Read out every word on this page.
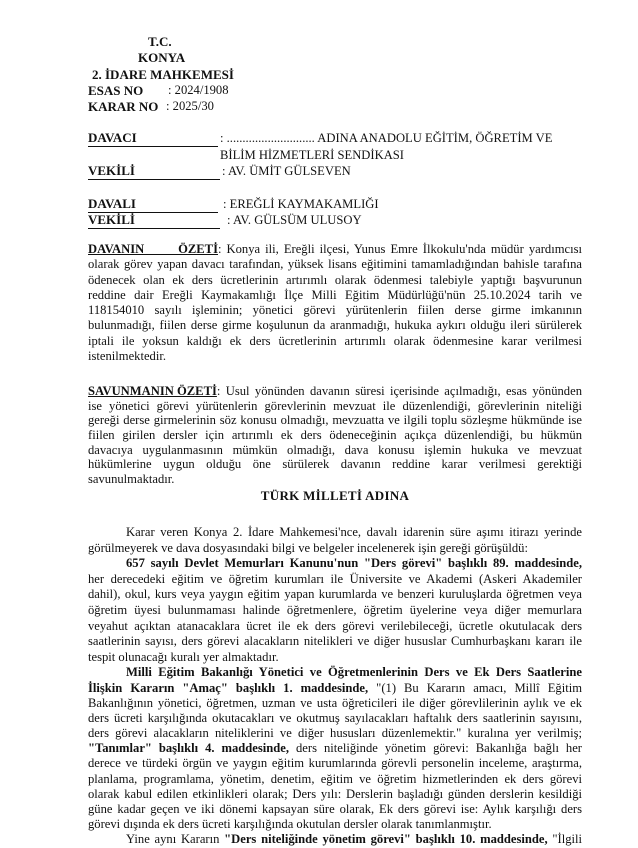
T.C.
KONYA
2. İDARE MAHKEMESİ
ESAS NO : 2024/1908
KARAR NO : 2025/30
DAVACI	: ............................ ADINA ANADOLU EĞİTİM, ÖĞRETİM VE
BİLİM HİZMETLERİ SENDİKASI
VEKİLİ	: AV. ÜMİT GÜLSEVEN
DAVALI	: EREĞLİ KAYMAKAMLIĞI
VEKİLİ	: AV. GÜLSÜM ULUSOY
DAVANIN ÖZETİ : Konya ili, Ereğli ilçesi, Yunus Emre İlkokulu'nda müdür yardımcısı
olarak görev yapan davacı tarafından, yüksek lisans eğitimini tamamladığından bahisle tarafına
ödenecek olan ek ders ücretlerinin artırımlı olarak ödenmesi talebiyle yaptığı başvurunun
reddine dair Ereğli Kaymakamlığı İlçe Milli Eğitim Müdürlüğü'nün 25.10.2024 tarih ve
118154010 sayılı işleminin; yönetici görevi yürütenlerin fiilen derse girme imkanının
bulunmadığı, fiilen derse girme koşulunun da aranmadığı, hukuka aykırı olduğu ileri sürülerek
iptali ile yoksun kaldığı ek ders ücretlerinin artırımlı olarak ödenmesine karar verilmesi
istenilmektedir.
SAVUNMANIN ÖZETİ : Usul yönünden davanın süresi içerisinde açılmadığı, esas yönünden
ise yönetici görevi yürütenlerin görevlerinin mevzuat ile düzenlendiği, görevlerinin niteliği
gereği derse girmelerinin söz konusu olmadığı, mevzuatta ve ilgili toplu sözleşme hükmünde ise
fiilen girilen dersler için artırımlı ek ders ödeneceğinin açıkça düzenlendiği, bu hükmün
davacıya uygulanmasının mümkün olmadığı, dava konusu işlemin hukuka ve mevzuat
hükümlerine uygun olduğu öne sürülerek davanın reddine karar verilmesi gerektiği
savunulmaktadır.
TÜRK MİLLETİ ADINA
Karar veren Konya 2. İdare Mahkemesi'nce, davalı idarenin süre aşımı itirazı yerinde
görülmeyerek ve dava dosyasındaki bilgi ve belgeler incelenerek işin gereği görüşüldü:
657 sayılı Devlet Memurları Kanunu'nun "Ders görevi" başlıklı 89. maddesinde,
her derecedeki eğitim ve öğretim kurumları ile Üniversite ve Akademi (Askeri Akademiler
dahil), okul, kurs veya yaygın eğitim yapan kurumlarda ve benzeri kuruluşlarda öğretmen veya
öğretim üyesi bulunmaması halinde öğretmenlere, öğretim üyelerine veya diğer memurlara
veyahut açıktan atanacaklara ücret ile ek ders görevi verilebileceği, ücretle okutulacak ders
saatlerinin sayısı, ders görevi alacakların nitelikleri ve diğer hususlar Cumhurbaşkanı kararı ile
tespit olunacağı kuralı yer almaktadır.
Milli Eğitim Bakanlığı Yönetici ve Öğretmenlerinin Ders ve Ek Ders Saatlerine
İlişkin Kararın "Amaç" başlıklı 1. maddesinde, "(1) Bu Kararın amacı, Millî Eğitim
Bakanlığının yönetici, öğretmen, uzman ve usta öğreticileri ile diğer görevlilerinin aylık ve ek
ders ücreti karşılığında okutacakları ve okutmuş sayılacakları haftalık ders saatlerinin sayısını,
ders görevi alacakların niteliklerini ve diğer hususları düzenlemektir." kuralına yer verilmiş;
"Tanımlar" başlıklı 4. maddesinde, ders niteliğinde yönetim görevi: Bakanlığa bağlı her
derece ve türdeki örgün ve yaygın eğitim kurumlarında görevli personelin inceleme, araştırma,
planlama, programlama, yönetim, denetim, eğitim ve öğretim hizmetlerinden ek ders görevi
olarak kabul edilen etkinlikleri olarak; Ders yılı: Derslerin başladığı günden derslerin kesildiği
güne kadar geçen ve iki dönemi kapsayan süre olarak, Ek ders görevi ise: Aylık karşılığı ders
görevi dışında ek ders ücreti karşılığında okutulan dersler olarak tanımlanmıştır.
Yine aynı Kararın "Ders niteliğinde yönetim görevi" başlıklı 10. maddesinde, "İlgili
